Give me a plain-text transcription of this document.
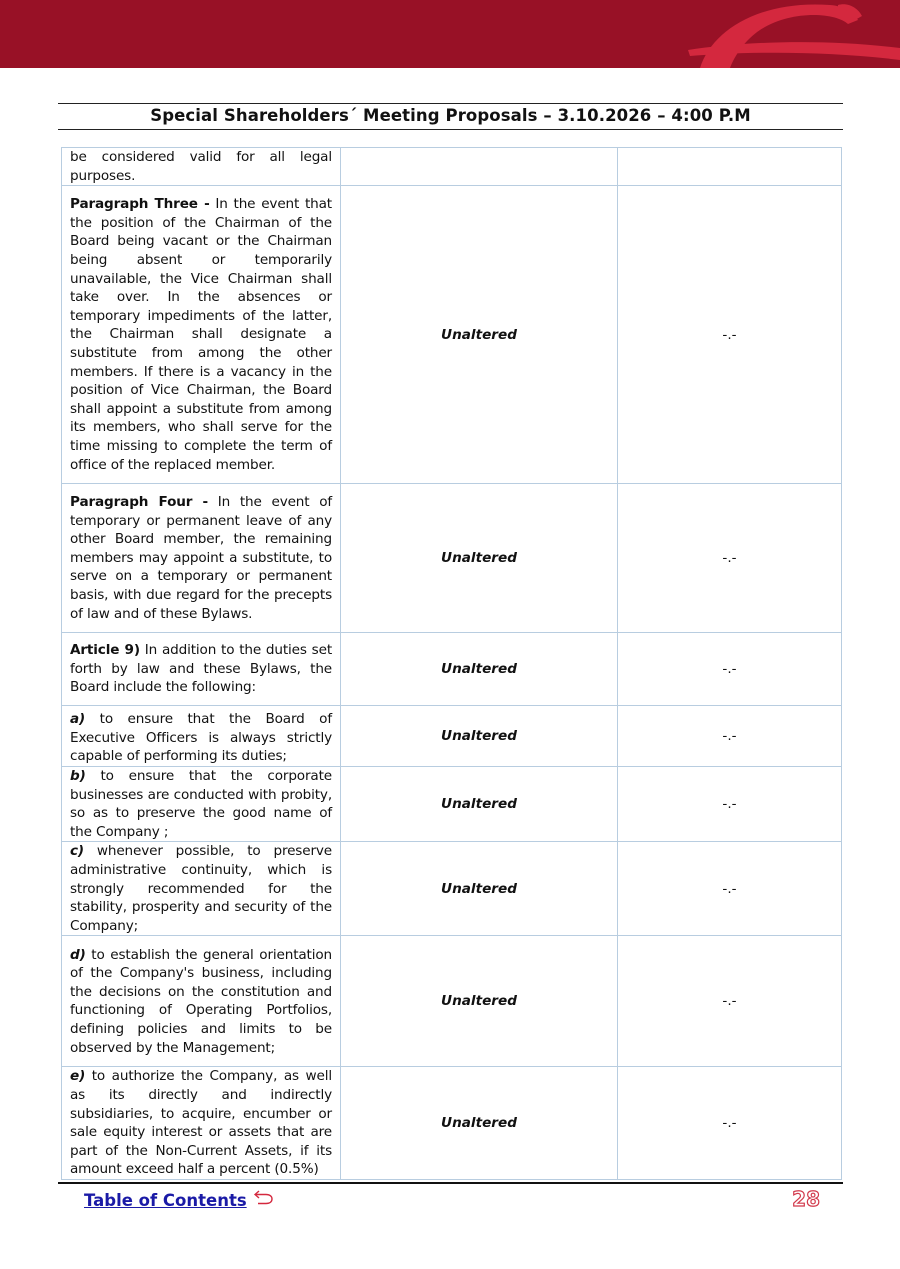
Special Shareholders´ Meeting Proposals – 3.10.2026 – 4:00 P.M
be considered valid for all legal purposes.		
Paragraph Three - In the event that the position of the Chairman of the Board being vacant or the Chairman being absent or temporarily unavailable, the Vice Chairman shall take over. In the absences or temporary impediments of the latter, the Chairman shall designate a substitute from among the other members. If there is a vacancy in the position of Vice Chairman, the Board shall appoint a substitute from among its members, who shall serve for the time missing to complete the term of office of the replaced member.	Unaltered	-.-
Paragraph Four - In the event of temporary or permanent leave of any other Board member, the remaining members may appoint a substitute, to serve on a temporary or permanent basis, with due regard for the precepts of law and of these Bylaws.	Unaltered	-.-
Article 9) In addition to the duties set forth by law and these Bylaws, the Board include the following:	Unaltered	-.-
a) to ensure that the Board of Executive Officers is always strictly capable of performing its duties;	Unaltered	-.-
b) to ensure that the corporate businesses are conducted with probity, so as to preserve the good name of the Company ;	Unaltered	-.-
c) whenever possible, to preserve administrative continuity, which is strongly recommended for the stability, prosperity and security of the Company;	Unaltered	-.-
d) to establish the general orientation of the Company's business, including the decisions on the constitution and functioning of Operating Portfolios, defining policies and limits to be observed by the Management;	Unaltered	-.-
e) to authorize the Company, as well as its directly and indirectly subsidiaries, to acquire, encumber or sale equity interest or assets that are part of the Non-Current Assets, if its amount exceed half a percent (0.5%)	Unaltered	-.-
Table of Contents	28
